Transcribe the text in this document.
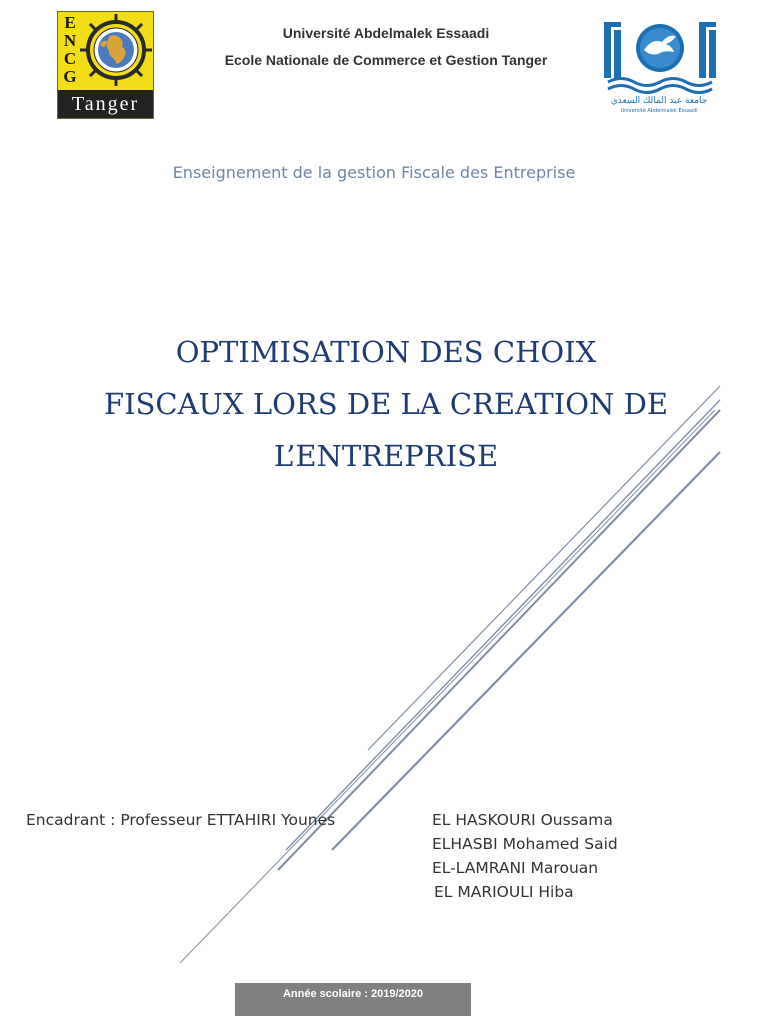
E
N
C
G
Tanger
Université Abdelmalek Essaadi
Ecole Nationale de Commerce et Gestion Tanger
جامعة عبد المالك السعدي
Université Abdelmalek Essaadi
Enseignement de la gestion Fiscale des Entreprise
OPTIMISATION DES CHOIX
FISCAUX LORS DE LA CREATION DE
L’ENTREPRISE
Encadrant : Professeur ETTAHIRI Younes	EL HASKOURI Oussama
ELHASBI Mohamed Said
EL-LAMRANI Marouan
EL MARIOULI Hiba
Année scolaire : 2019/2020
